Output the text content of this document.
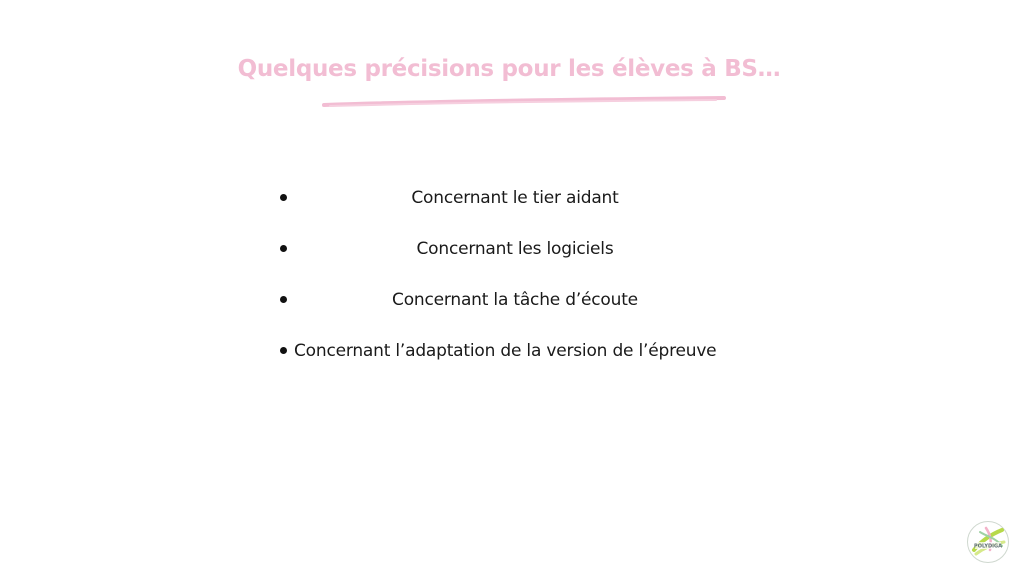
Quelques précisions pour les élèves à BS…
Concernant le tier aidant
Concernant les logiciels
Concernant la tâche d’écoute
Concernant l’adaptation de la version de l’épreuve
POLYDIGA
